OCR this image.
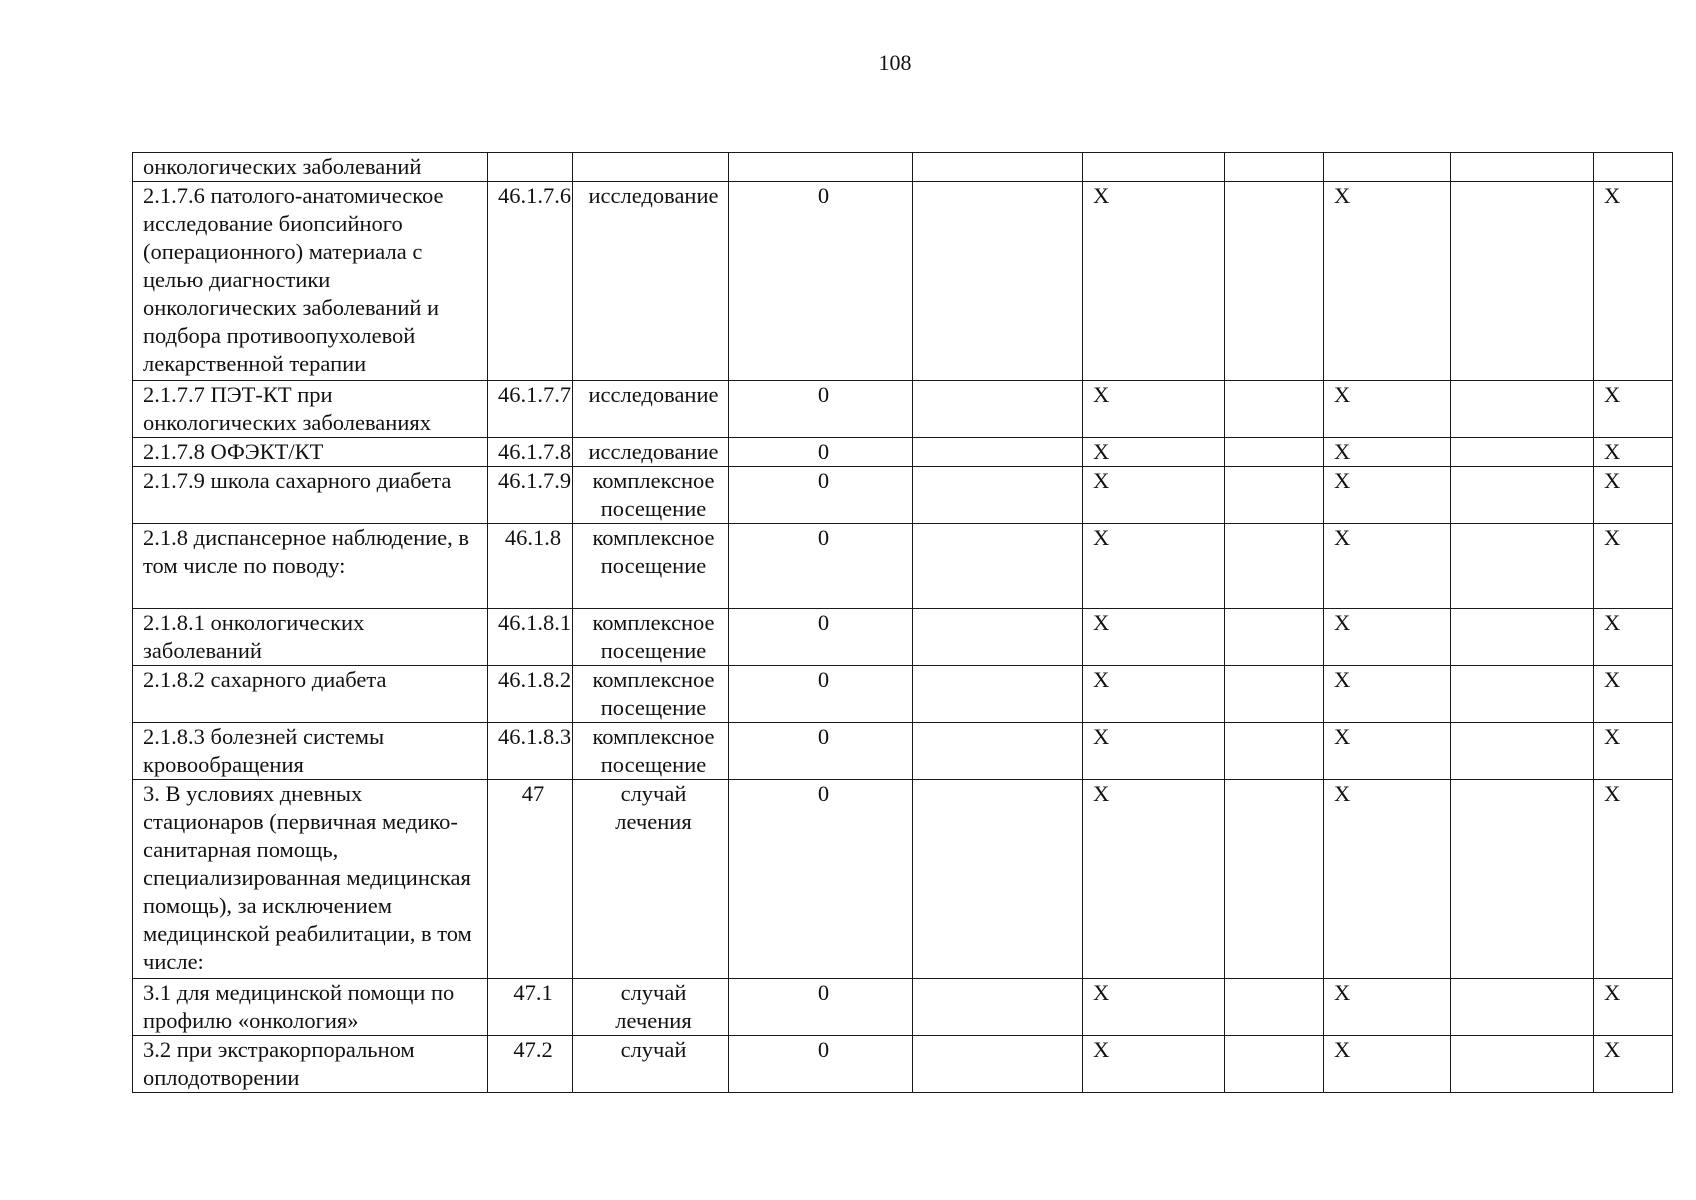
108
онкологических заболеваний									
2.1.7.6 патолого-анатомическое исследование биопсийного (операционного) материала с целью диагностики онкологических заболеваний и подбора противоопухолевой лекарственной терапии	46.1.7.6	исследование	0		X		X		X
2.1.7.7 ПЭТ-КТ при онкологических заболеваниях	46.1.7.7	исследование	0		X		X		X
2.1.7.8 ОФЭКТ/КТ	46.1.7.8	исследование	0		X		X		X
2.1.7.9 школа сахарного диабета	46.1.7.9	комплексное посещение	0		X		X		X
2.1.8 диспансерное наблюдение, в том числе по поводу:	46.1.8	комплексное посещение	0		X		X		X
2.1.8.1 онкологических заболеваний	46.1.8.1	комплексное посещение	0		X		X		X
2.1.8.2 сахарного диабета	46.1.8.2	комплексное посещение	0		X		X		X
2.1.8.3 болезней системы кровообращения	46.1.8.3	комплексное посещение	0		X		X		X
3. В условиях дневных стационаров (первичная медико-санитарная помощь, специализированная медицинская помощь), за исключением медицинской реабилитации, в том числе:	47	случай лечения	0		X		X		X
3.1 для медицинской помощи по профилю «онкология»	47.1	случай лечения	0		X		X		X
3.2 при экстракорпоральном оплодотворении	47.2	случай	0		X		X		X
